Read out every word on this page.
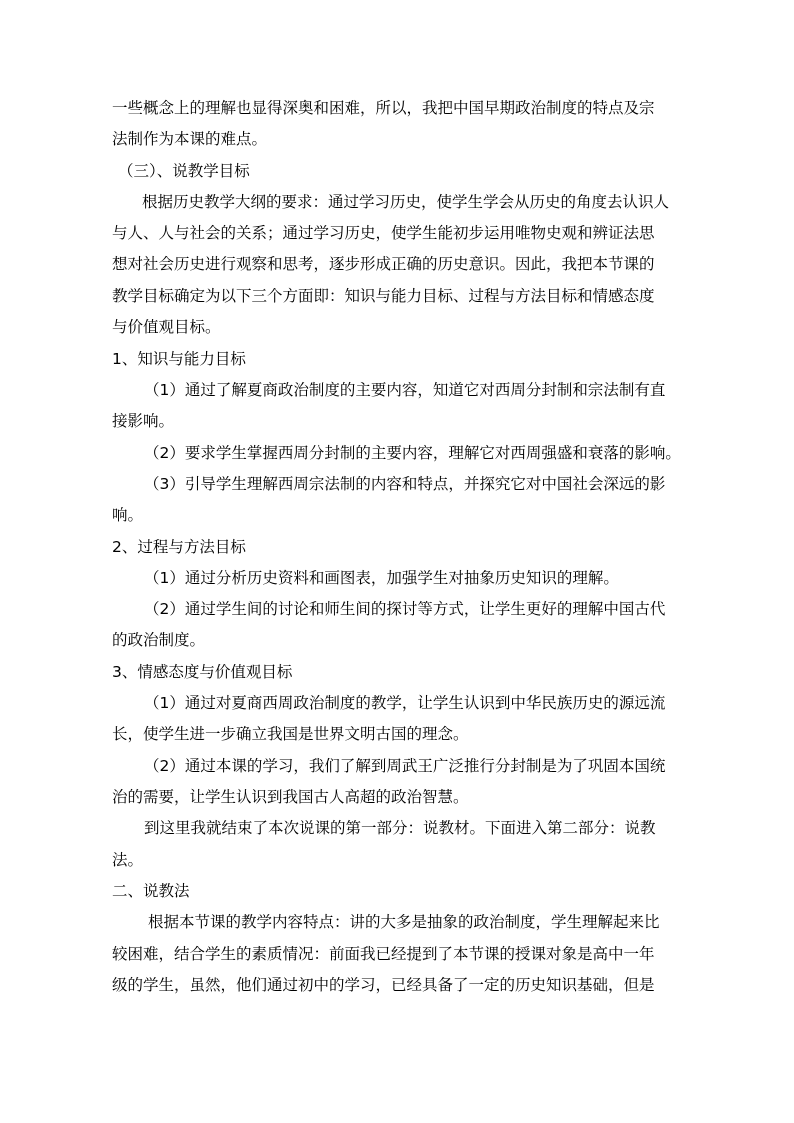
一些概念上的理解也显得深奥和困难，所以，我把中国早期政治制度的特点及宗
法制作为本课的难点。
（三）、说教学目标
根据历史教学大纲的要求：通过学习历史，使学生学会从历史的角度去认识人
与人、人与社会的关系；通过学习历史，使学生能初步运用唯物史观和辨证法思
想对社会历史进行观察和思考，逐步形成正确的历史意识。因此，我把本节课的
教学目标确定为以下三个方面即：知识与能力目标、过程与方法目标和情感态度
与价值观目标。
1、知识与能力目标
（1）通过了解夏商政治制度的主要内容，知道它对西周分封制和宗法制有直
接影响。
（2）要求学生掌握西周分封制的主要内容，理解它对西周强盛和衰落的影响。
（3）引导学生理解西周宗法制的内容和特点，并探究它对中国社会深远的影
响。
2、过程与方法目标
（1）通过分析历史资料和画图表，加强学生对抽象历史知识的理解。
（2）通过学生间的讨论和师生间的探讨等方式，让学生更好的理解中国古代
的政治制度。
3、情感态度与价值观目标
（1）通过对夏商西周政治制度的教学，让学生认识到中华民族历史的源远流
长，使学生进一步确立我国是世界文明古国的理念。
（2）通过本课的学习，我们了解到周武王广泛推行分封制是为了巩固本国统
治的需要，让学生认识到我国古人高超的政治智慧。
到这里我就结束了本次说课的第一部分：说教材。下面进入第二部分：说教
法。
二、说教法
根据本节课的教学内容特点：讲的大多是抽象的政治制度，学生理解起来比
较困难，结合学生的素质情况：前面我已经提到了本节课的授课对象是高中一年
级的学生，虽然，他们通过初中的学习，已经具备了一定的历史知识基础，但是
